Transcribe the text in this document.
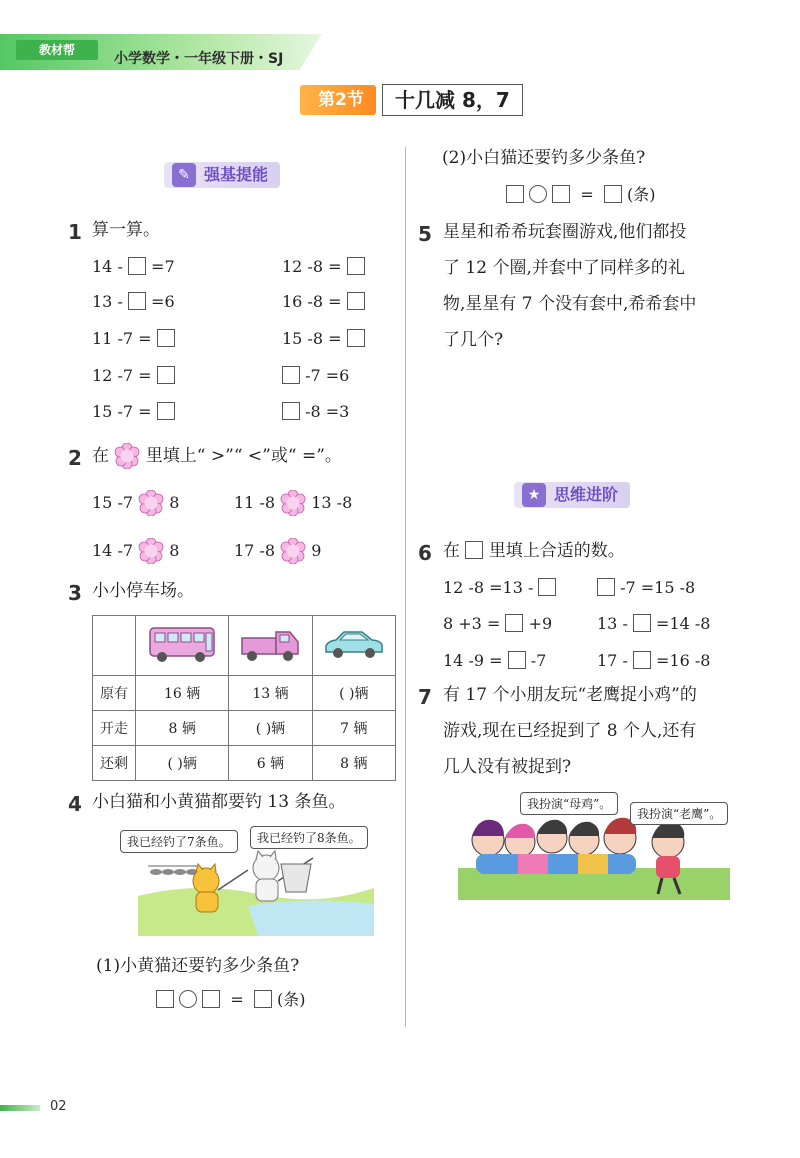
教材帮
小学数学・一年级下册・SJ
第2节	十几减 8，7
强基提能
✎
1 算一算。
14 - =7
13 - =6
11 -7 =
12 -7 =
15 -7 =
12 -8 =
16 -8 =
15 -8 =
-7 =6
-8 =3
2 在 里填上“ >”“ <”或“ =”。
15 -7 8	11 -8 13 -8
14 -7 8	17 -8 9
3 小小停车场。

原有	16 辆	13 辆	( )辆
开走	8 辆	( )辆	7 辆
还剩	( )辆	6 辆	8 辆
4 小白猫和小黄猫都要钓 13 条鱼。
我已经钓了7条鱼。	我已经钓了8条鱼。
(1)小黄猫还要钓多少条鱼?
= (条)
(2)小白猫还要钓多少条鱼?
= (条)
5 星星和希希玩套圈游戏,他们都投
了 12 个圈,并套中了同样多的礼
物,星星有 7 个没有套中,希希套中
了几个?
思维进阶
★
6 在 里填上合适的数。
12 -8 =13 -	-7 =15 -8
8 +3 = +9	13 - =14 -8
14 -9 = -7	17 - =16 -8
7 有 17 个小朋友玩“老鹰捉小鸡”的
游戏,现在已经捉到了 8 个人,还有
几人没有被捉到?
我扮演“母鸡”。
我扮演“老鹰”。
02
